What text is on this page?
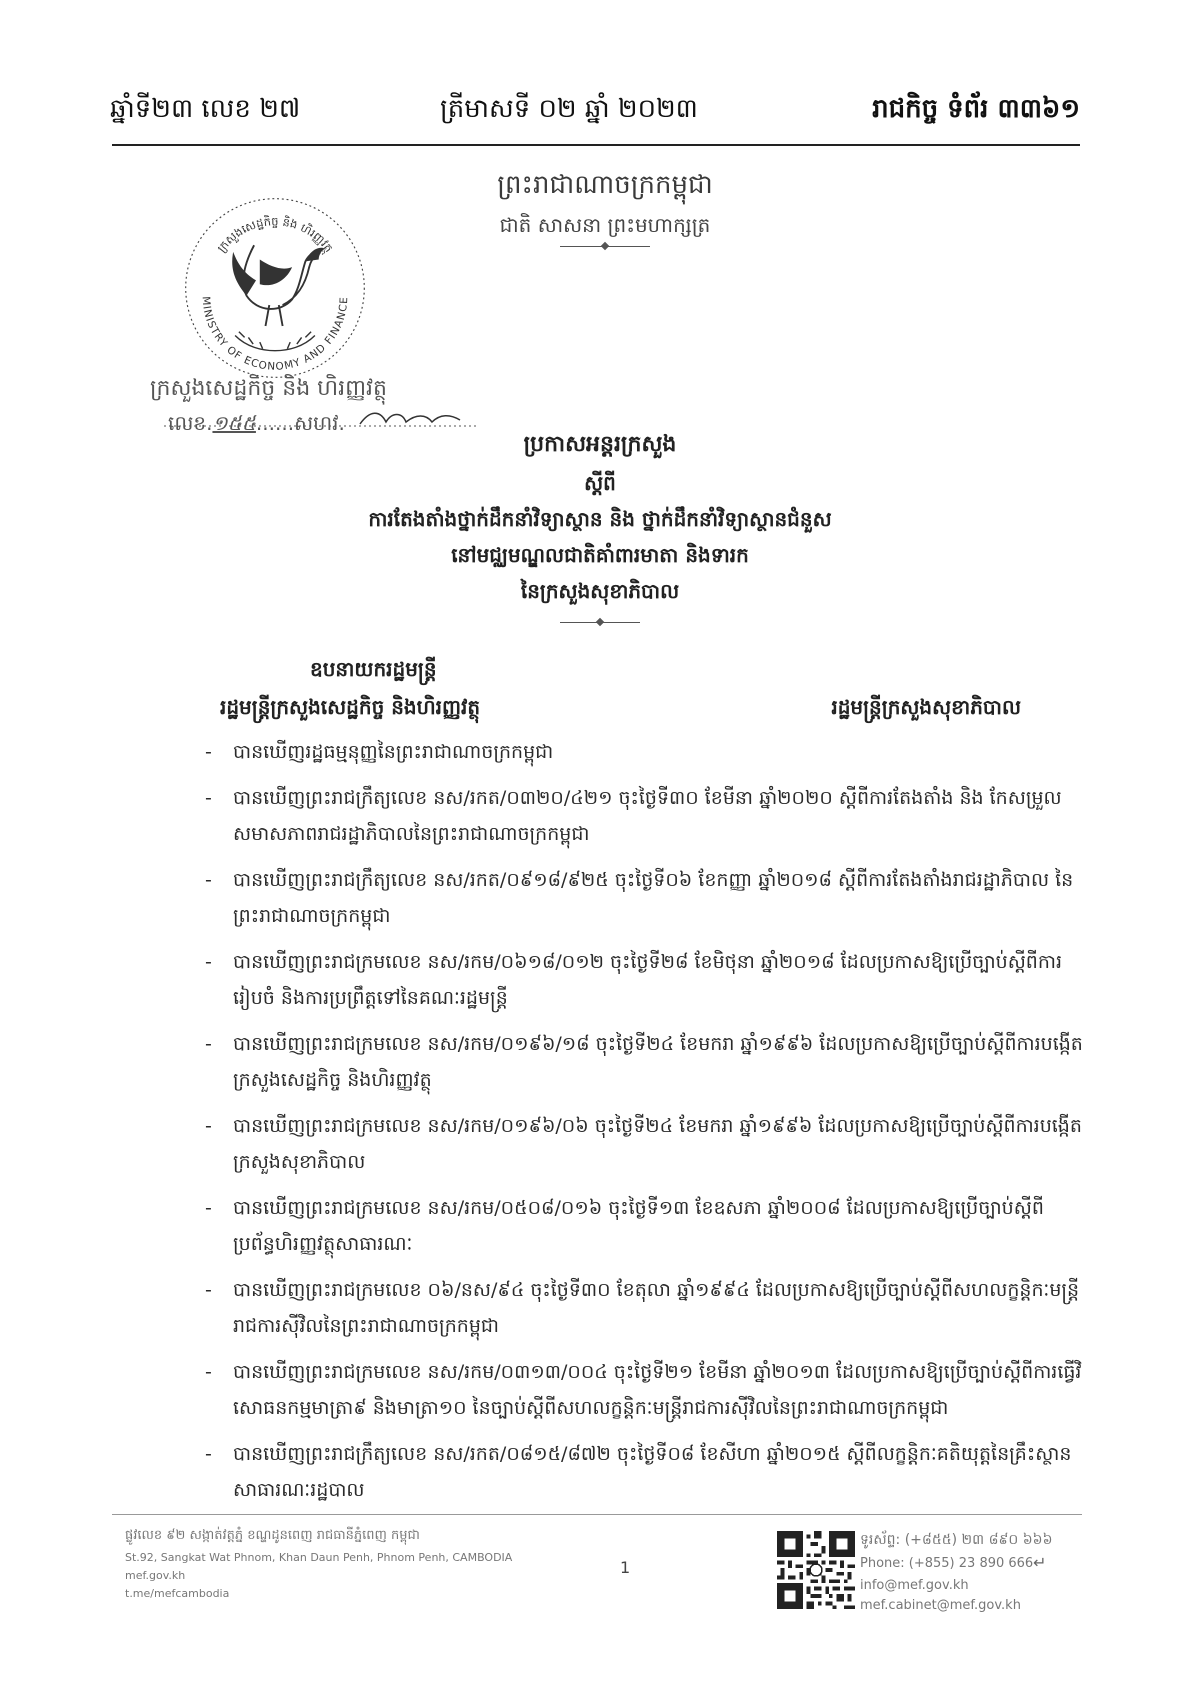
ឆ្នាំទី២៣ លេខ ២៧	ត្រីមាសទី ០២ ឆ្នាំ ២០២៣	រាជកិច្ច ទំព័រ ៣៣៦១
ព្រះរាជាណាចក្រកម្ពុជា
ជាតិ សាសនា ព្រះមហាក្សត្រ
ក្រសួងសេដ្ឋកិច្ច និង ហិរញ្ញវត្ថុ
MINISTRY OF ECONOMY AND FINANCE
ក្រសួងសេដ្ឋកិច្ច និង ហិរញ្ញវត្ថុ
លេខ.១៥៥......សហវ.
ប្រកាសអន្តរក្រសួង
ស្តីពី
ការតែងតាំងថ្នាក់ដឹកនាំវិទ្យាស្ថាន និង ថ្នាក់ដឹកនាំវិទ្យាស្ថានជំនួស
នៅមជ្ឈមណ្ឌលជាតិគាំពារមាតា និងទារក
នៃក្រសួងសុខាភិបាល
ឧបនាយករដ្ឋមន្ត្រី
រដ្ឋមន្ត្រីក្រសួងសេដ្ឋកិច្ច និងហិរញ្ញវត្ថុ	រដ្ឋមន្ត្រីក្រសួងសុខាភិបាល
- បានឃើញរដ្ឋធម្មនុញ្ញនៃព្រះរាជាណាចក្រកម្ពុជា
- បានឃើញព្រះរាជក្រឹត្យលេខ នស/រកត/០៣២០/៤២១ ចុះថ្ងៃទី៣០ ខែមីនា ឆ្នាំ២០២០ ស្តីពីការតែងតាំង និង កែសម្រួលសមាសភាពរាជរដ្ឋាភិបាលនៃព្រះរាជាណាចក្រកម្ពុជា
- បានឃើញព្រះរាជក្រឹត្យលេខ នស/រកត/០៩១៨/៩២៥ ចុះថ្ងៃទី០៦ ខែកញ្ញា ឆ្នាំ២០១៨ ស្តីពីការតែងតាំងរាជរដ្ឋាភិបាល នៃព្រះរាជាណាចក្រកម្ពុជា
- បានឃើញព្រះរាជក្រមលេខ នស/រកម/០៦១៨/០១២ ចុះថ្ងៃទី២៨ ខែមិថុនា ឆ្នាំ២០១៨ ដែលប្រកាសឱ្យប្រើច្បាប់ស្តីពីការរៀបចំ និងការប្រព្រឹត្តទៅនៃគណៈរដ្ឋមន្ត្រី
- បានឃើញព្រះរាជក្រមលេខ នស/រកម/០១៩៦/១៨ ចុះថ្ងៃទី២៤ ខែមករា ឆ្នាំ១៩៩៦ ដែលប្រកាសឱ្យប្រើច្បាប់ស្តីពីការបង្កើតក្រសួងសេដ្ឋកិច្ច និងហិរញ្ញវត្ថុ
- បានឃើញព្រះរាជក្រមលេខ នស/រកម/០១៩៦/០៦ ចុះថ្ងៃទី២៤ ខែមករា ឆ្នាំ១៩៩៦ ដែលប្រកាសឱ្យប្រើច្បាប់ស្តីពីការបង្កើតក្រសួងសុខាភិបាល
- បានឃើញព្រះរាជក្រមលេខ នស/រកម/០៥០៨/០១៦ ចុះថ្ងៃទី១៣ ខែឧសភា ឆ្នាំ២០០៨ ដែលប្រកាសឱ្យប្រើច្បាប់ស្តីពីប្រព័ន្ធហិរញ្ញវត្ថុសាធារណៈ
- បានឃើញព្រះរាជក្រមលេខ ០៦/នស/៩៤ ចុះថ្ងៃទី៣០ ខែតុលា ឆ្នាំ១៩៩៤ ដែលប្រកាសឱ្យប្រើច្បាប់ស្តីពីសហលក្ខន្តិកៈមន្ត្រីរាជការស៊ីវិលនៃព្រះរាជាណាចក្រកម្ពុជា
- បានឃើញព្រះរាជក្រមលេខ នស/រកម/០៣១៣/០០៤ ចុះថ្ងៃទី២១ ខែមីនា ឆ្នាំ២០១៣ ដែលប្រកាសឱ្យប្រើច្បាប់ស្តីពីការធ្វើវិសោធនកម្មមាត្រា៩ និងមាត្រា១០ នៃច្បាប់ស្តីពីសហលក្ខន្តិកៈមន្ត្រីរាជការស៊ីវិលនៃព្រះរាជាណាចក្រកម្ពុជា
- បានឃើញព្រះរាជក្រឹត្យលេខ នស/រកត/០៨១៥/៨៧២ ចុះថ្ងៃទី០៨ ខែសីហា ឆ្នាំ២០១៥ ស្តីពីលក្ខន្តិកៈគតិយុត្តនៃគ្រឹះស្ថានសាធារណៈរដ្ឋបាល
ផ្លូវលេខ ៩២ សង្កាត់វត្តភ្នំ ខណ្ឌដូនពេញ រាជធានីភ្នំពេញ កម្ពុជា
St.92, Sangkat Wat Phnom, Khan Daun Penh, Phnom Penh, CAMBODIA
mef.gov.kh
t.me/mefcambodia
1
ទូរស័ព្ទ: (+៨៥៥) ២៣ ៨៩០ ៦៦៦
Phone: (+855) 23 890 666 ↵
info@mef.gov.kh
mef.cabinet@mef.gov.kh
